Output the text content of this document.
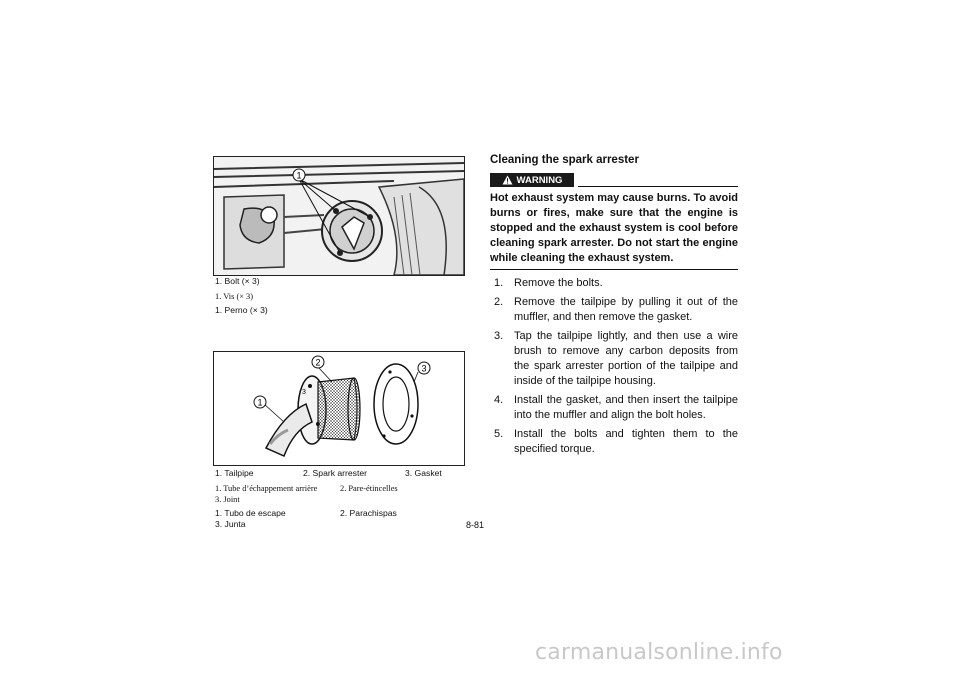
1
1. Bolt (× 3)
1. Vis (× 3)
1. Perno (× 3)
3
1
2
3
1. Tailpipe	2. Spark arrester	3. Gasket
1. Tube d’échappement arrière	2. Pare-étincelles
3. Joint
1. Tubo de escape	2. Parachispas
3. Junta	8-81
Cleaning the spark arrester
WARNING
Hot exhaust system may cause burns. To avoid burns or fires, make sure that the engine is stopped and the exhaust system is cool before cleaning spark arrester. Do not start the engine while cleaning the exhaust system.
1. Remove the bolts.
2. Remove the tailpipe by pulling it out of the muffler, and then remove the gasket.
3. Tap the tailpipe lightly, and then use a wire brush to remove any carbon deposits from the spark arrester portion of the tailpipe and inside of the tailpipe housing.
4. Install the gasket, and then insert the tailpipe into the muffler and align the bolt holes.
5. Install the bolts and tighten them to the specified torque.
carmanualsonline.info
